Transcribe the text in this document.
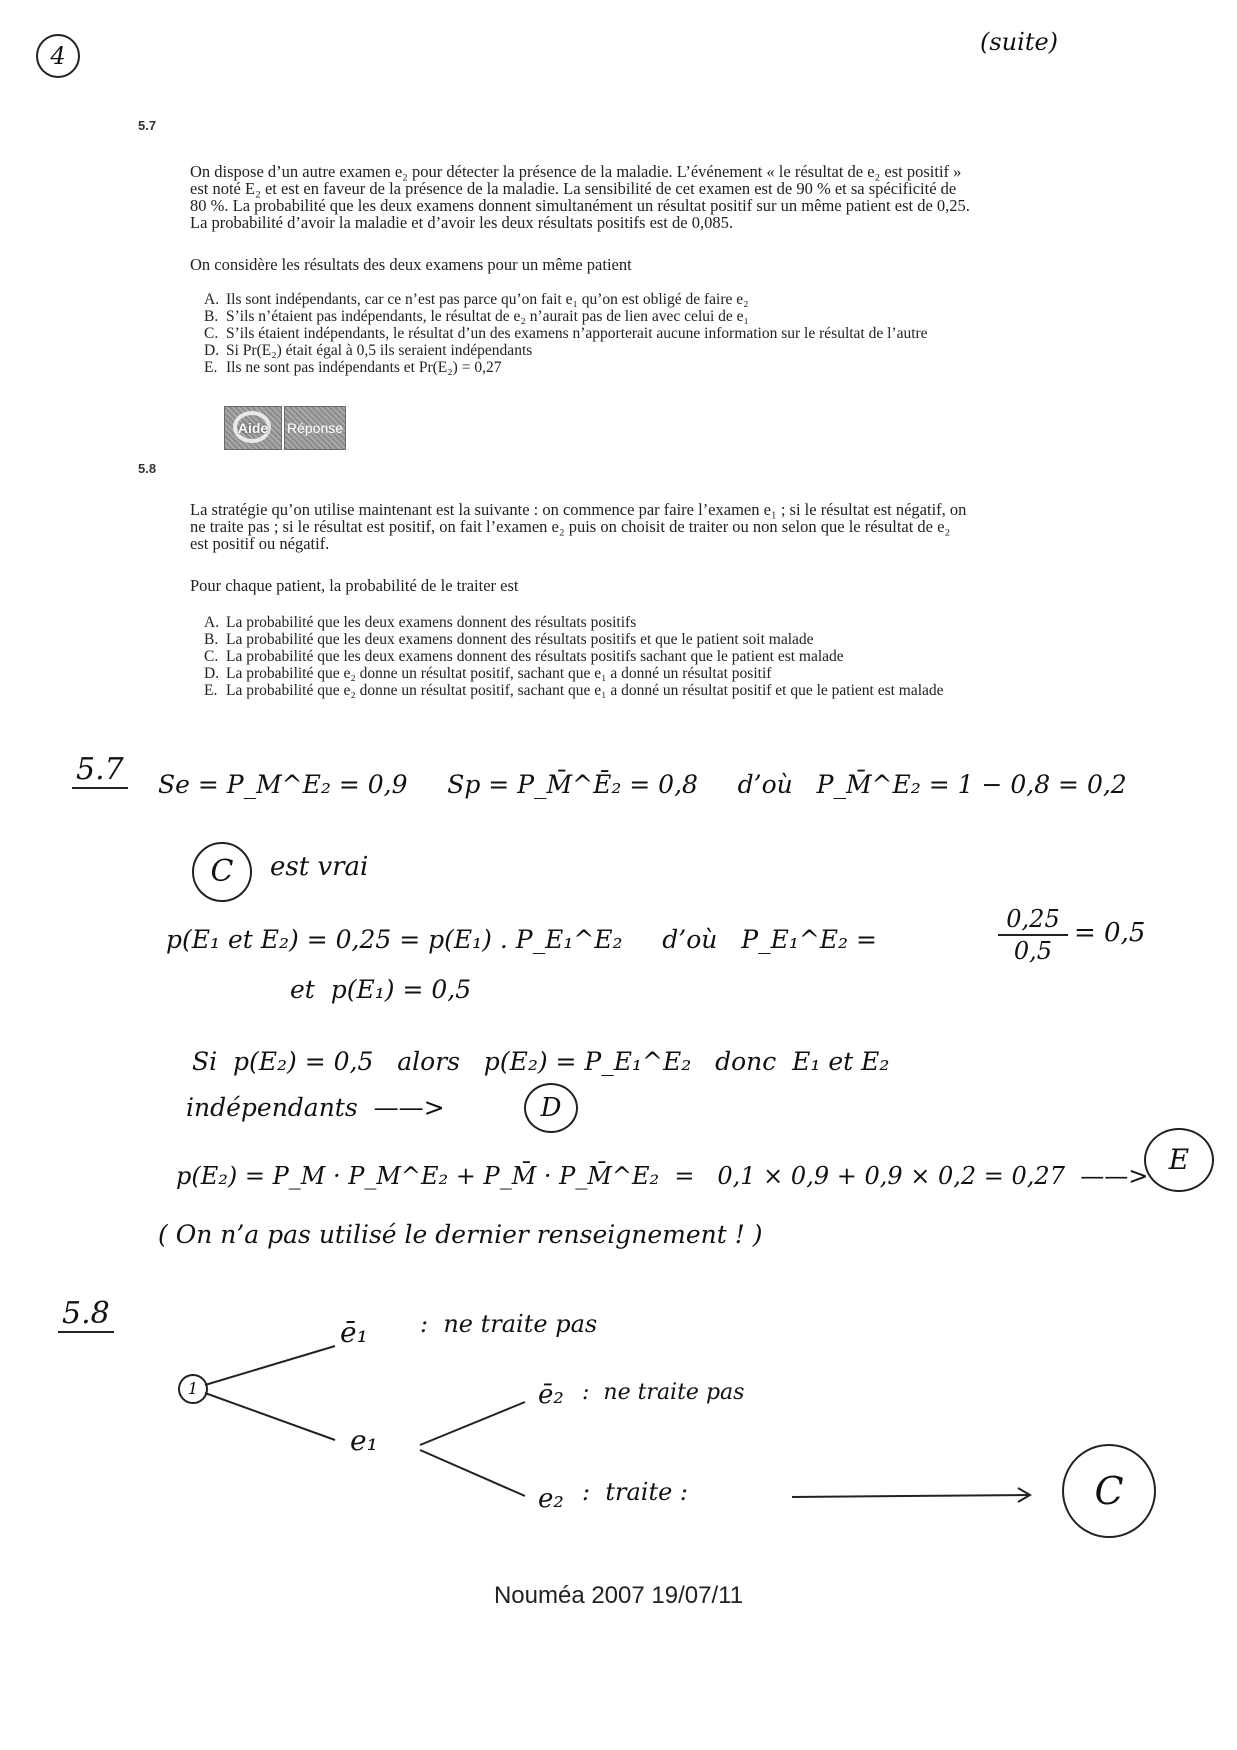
4	(suite)
5.7
On dispose d’un autre examen e₂ pour détecter la présence de la maladie. L’événement « le résultat de e₂ est positif »
est noté E₂ et est en faveur de la présence de la maladie. La sensibilité de cet examen est de 90 % et sa spécificité de
80 %. La probabilité que les deux examens donnent simultanément un résultat positif sur un même patient est de 0,25.
La probabilité d’avoir la maladie et d’avoir les deux résultats positifs est de 0,085.
On considère les résultats des deux examens pour un même patient
A. Ils sont indépendants, car ce n’est pas parce qu’on fait e₁ qu’on est obligé de faire e₂
B. S’ils n’étaient pas indépendants, le résultat de e₂ n’aurait pas de lien avec celui de e₁
C. S’ils étaient indépendants, le résultat d’un des examens n’apporterait aucune information sur le résultat de l’autre
D. Si Pr(E₂) était égal à 0,5 ils seraient indépendants
E. Ils ne sont pas indépendants et Pr(E₂) = 0,27
Aide	Réponse
5.8
La stratégie qu’on utilise maintenant est la suivante : on commence par faire l’examen e₁ ; si le résultat est négatif, on
ne traite pas ; si le résultat est positif, on fait l’examen e₂ puis on choisit de traiter ou non selon que le résultat de e₂
est positif ou négatif.
Pour chaque patient, la probabilité de le traiter est
A. La probabilité que les deux examens donnent des résultats positifs
B. La probabilité que les deux examens donnent des résultats positifs et que le patient soit malade
C. La probabilité que les deux examens donnent des résultats positifs sachant que le patient est malade
D. La probabilité que e₂ donne un résultat positif, sachant que e₁ a donné un résultat positif
E. La probabilité que e₂ donne un résultat positif, sachant que e₁ a donné un résultat positif et que le patient est malade
5.7 Se = P_M^E₂ = 0,9     Sp = P_M̄^Ē₂ = 0,8     d’où   P_M̄^E₂ = 1 − 0,8 = 0,2
C	est vrai
p(E₁ et E₂) = 0,25 = p(E₁) . P_E₁^E₂     d’où   P_E₁^E₂ =	$\frac{0,25}{0,5} = 0,5$
et  p(E₁) = 0,5
Si  p(E₂) = 0,5   alors   p(E₂) = P_E₁^E₂   donc  E₁ et E₂
indépendants  ——>	D
p(E₂) = P_M · P_M^E₂ + P_M̄ · P_M̄^E₂  =   0,1 × 0,9 + 0,9 × 0,2 = 0,27  ——> E
( On n’a pas utilisé le dernier renseignement ! )
5.8
1
ē₁ :  ne traite pas
e₁
ē₂ :  ne traite pas
e₂ :  traite :	C
Nouméa 2007 19/07/11
